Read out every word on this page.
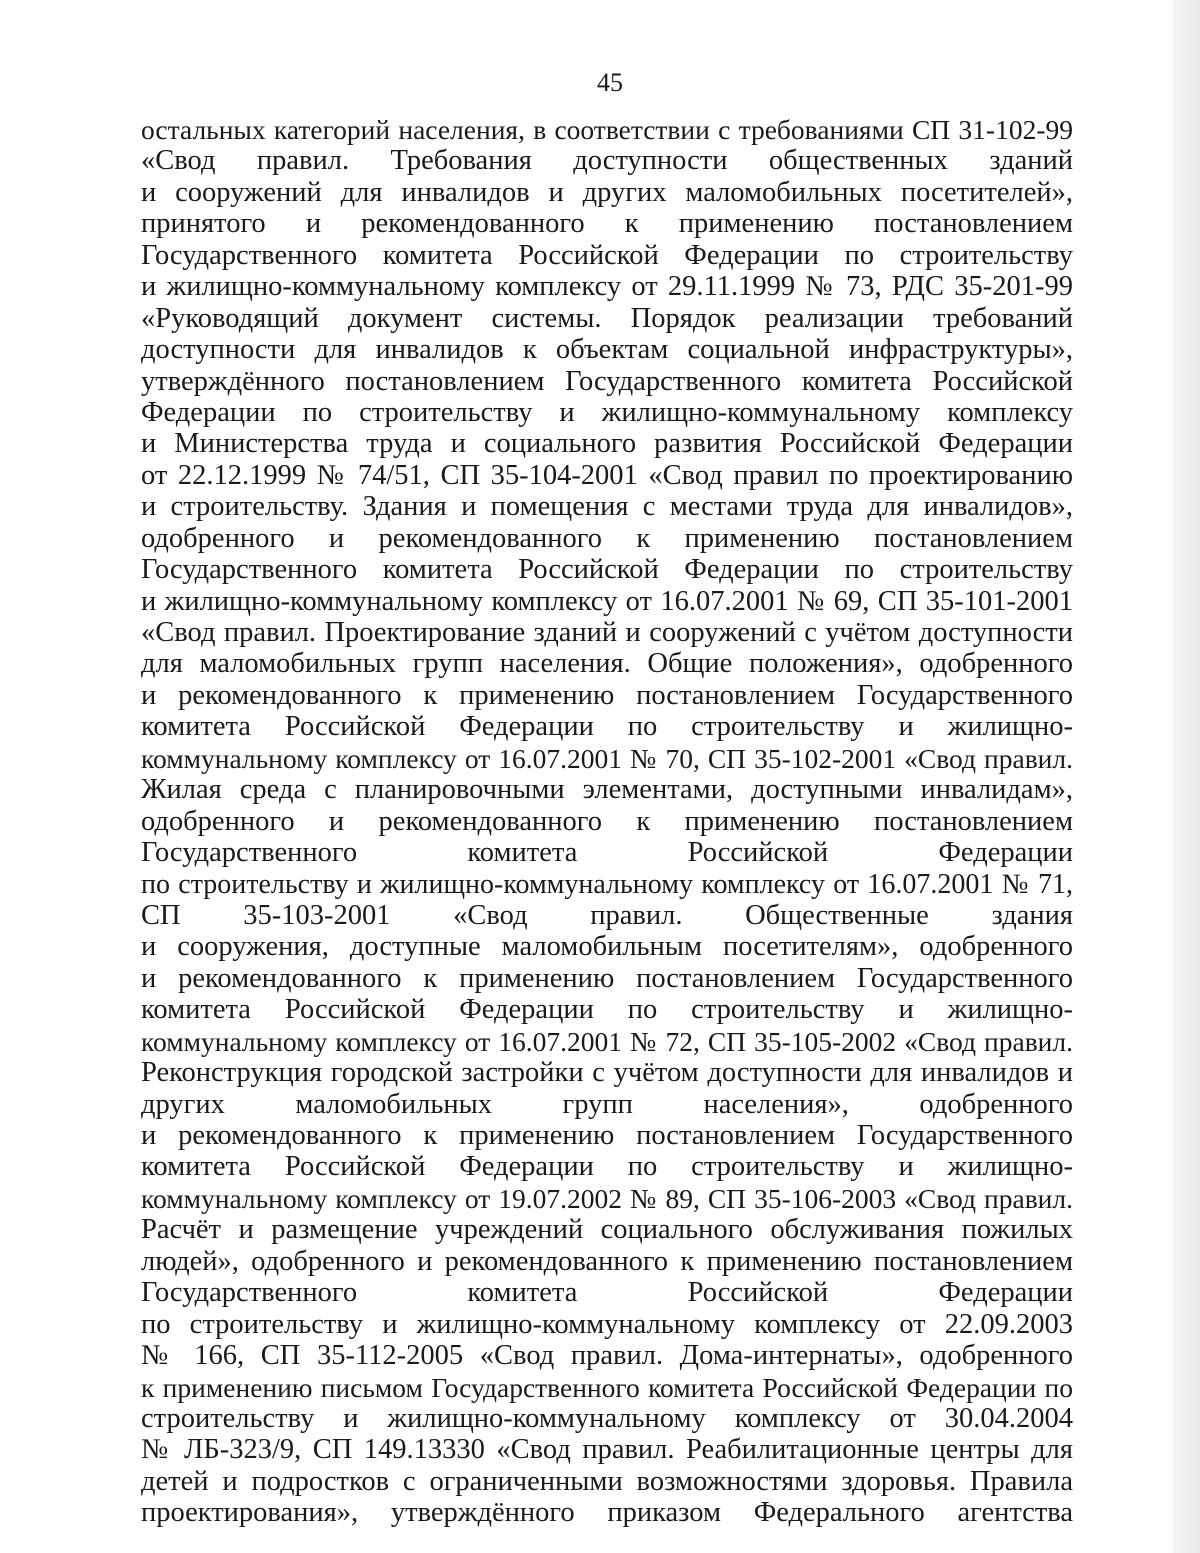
45
остальных категорий населения, в соответствии с требованиями СП 31-102-99
«Свод правил. Требования доступности общественных зданий
и сооружений для инвалидов и других маломобильных посетителей»,
принятого и рекомендованного к применению постановлением
Государственного комитета Российской Федерации по строительству
и жилищно-коммунальному комплексу от 29.11.1999 № 73, РДС 35-201-99
«Руководящий документ системы. Порядок реализации требований
доступности для инвалидов к объектам социальной инфраструктуры»,
утверждённого постановлением Государственного комитета Российской
Федерации по строительству и жилищно-коммунальному комплексу
и Министерства труда и социального развития Российской Федерации
от 22.12.1999 № 74/51, СП 35-104-2001 «Свод правил по проектированию
и строительству. Здания и помещения с местами труда для инвалидов»,
одобренного и рекомендованного к применению постановлением
Государственного комитета Российской Федерации по строительству
и жилищно-коммунальному комплексу от 16.07.2001 № 69, СП 35-101-2001
«Свод правил. Проектирование зданий и сооружений с учётом доступности
для маломобильных групп населения. Общие положения», одобренного
и рекомендованного к применению постановлением Государственного
комитета Российской Федерации по строительству и жилищно-
коммунальному комплексу от 16.07.2001 № 70, СП 35-102-2001 «Свод правил.
Жилая среда с планировочными элементами, доступными инвалидам»,
одобренного и рекомендованного к применению постановлением
Государственного комитета Российской Федерации
по строительству и жилищно-коммунальному комплексу от 16.07.2001 № 71,
СП 35-103-2001 «Свод правил. Общественные здания
и сооружения, доступные маломобильным посетителям», одобренного
и рекомендованного к применению постановлением Государственного
комитета Российской Федерации по строительству и жилищно-
коммунальному комплексу от 16.07.2001 № 72, СП 35-105-2002 «Свод правил.
Реконструкция городской застройки с учётом доступности для инвалидов и
других маломобильных групп населения», одобренного
и рекомендованного к применению постановлением Государственного
комитета Российской Федерации по строительству и жилищно-
коммунальному комплексу от 19.07.2002 № 89, СП 35-106-2003 «Свод правил.
Расчёт и размещение учреждений социального обслуживания пожилых
людей», одобренного и рекомендованного к применению постановлением
Государственного комитета Российской Федерации
по строительству и жилищно-коммунальному комплексу от 22.09.2003
№ 166, СП 35-112-2005 «Свод правил. Дома-интернаты», одобренного
к применению письмом Государственного комитета Российской Федерации по
строительству и жилищно-коммунальному комплексу от 30.04.2004
№ ЛБ-323/9, СП 149.13330 «Свод правил. Реабилитационные центры для
детей и подростков с ограниченными возможностями здоровья. Правила
проектирования», утверждённого приказом Федерального агентства
